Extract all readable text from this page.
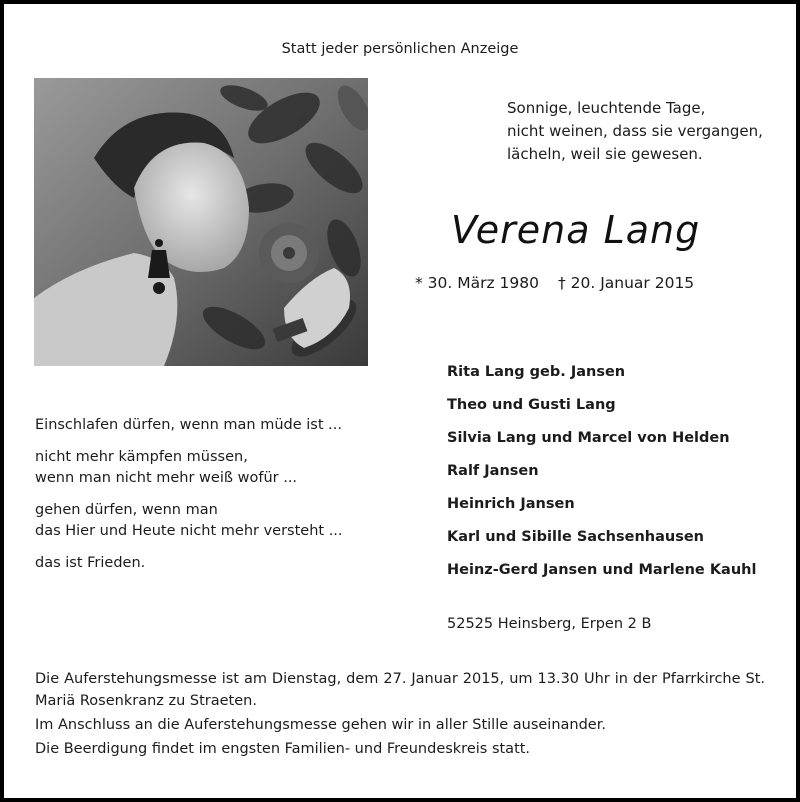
Statt jeder persönlichen Anzeige
Sonnige, leuchtende Tage,
nicht weinen, dass sie vergangen,
lächeln, weil sie gewesen.
Verena Lang
* 30. März 1980 † 20. Januar 2015
Einschlafen dürfen, wenn man müde ist ...
nicht mehr kämpfen müssen,
wenn man nicht mehr weiß wofür ...
gehen dürfen, wenn man
das Hier und Heute nicht mehr versteht ...
das ist Frieden.
Rita Lang geb. Jansen
Theo und Gusti Lang
Silvia Lang und Marcel von Helden
Ralf Jansen
Heinrich Jansen
Karl und Sibille Sachsenhausen
Heinz-Gerd Jansen und Marlene Kauhl
52525 Heinsberg, Erpen 2 B
Die Auferstehungsmesse ist am Dienstag, dem 27. Januar 2015, um 13.30 Uhr in der Pfarrkirche St. Mariä Rosenkranz zu Straeten.
Im Anschluss an die Auferstehungsmesse gehen wir in aller Stille auseinander.
Die Beerdigung findet im engsten Familien- und Freundeskreis statt.
